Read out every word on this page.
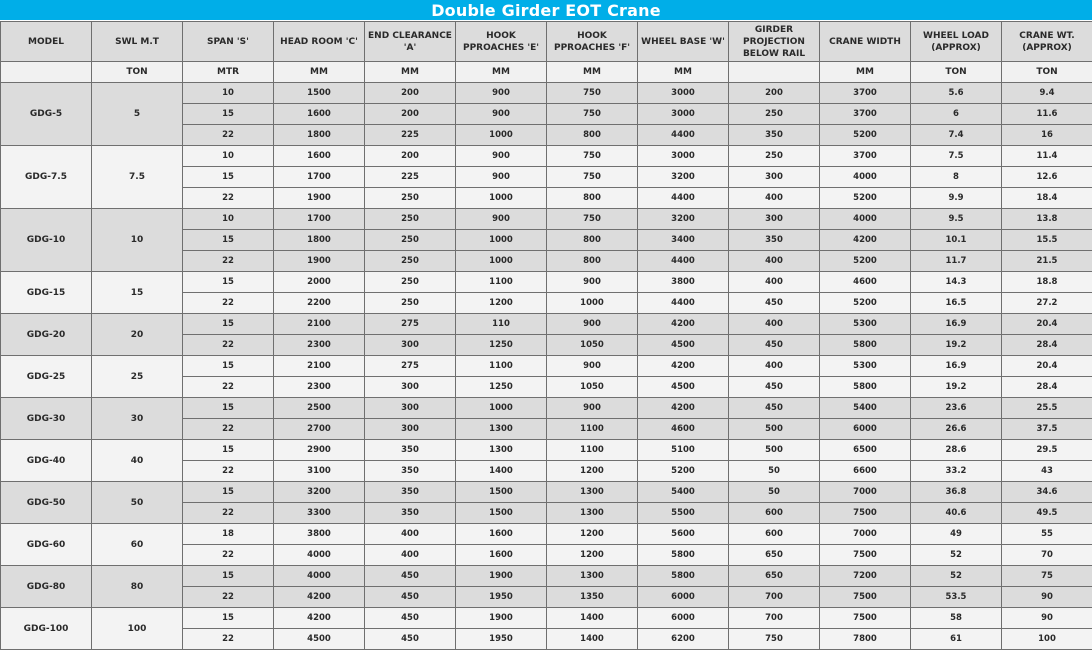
Double Girder EOT Crane
MODEL	SWL M.T	SPAN 'S'	HEAD ROOM 'C'	END CLEARANCE 'A'	HOOK PPROACHES 'E'	HOOK PPROACHES 'F'	WHEEL BASE 'W'	GIRDER PROJECTION BELOW RAIL	CRANE WIDTH	WHEEL LOAD (APPROX)	CRANE WT. (APPROX)
	TON	MTR	MM	MM	MM	MM	MM		MM	TON	TON
GDG-5	5	10	1500	200	900	750	3000	200	3700	5.6	9.4
		15	1600	200	900	750	3000	250	3700	6	11.6
		22	1800	225	1000	800	4400	350	5200	7.4	16
GDG-7.5	7.5	10	1600	200	900	750	3000	250	3700	7.5	11.4
		15	1700	225	900	750	3200	300	4000	8	12.6
		22	1900	250	1000	800	4400	400	5200	9.9	18.4
GDG-10	10	10	1700	250	900	750	3200	300	4000	9.5	13.8
		15	1800	250	1000	800	3400	350	4200	10.1	15.5
		22	1900	250	1000	800	4400	400	5200	11.7	21.5
GDG-15	15	15	2000	250	1100	900	3800	400	4600	14.3	18.8
		22	2200	250	1200	1000	4400	450	5200	16.5	27.2
GDG-20	20	15	2100	275	110	900	4200	400	5300	16.9	20.4
		22	2300	300	1250	1050	4500	450	5800	19.2	28.4
GDG-25	25	15	2100	275	1100	900	4200	400	5300	16.9	20.4
		22	2300	300	1250	1050	4500	450	5800	19.2	28.4
GDG-30	30	15	2500	300	1000	900	4200	450	5400	23.6	25.5
		22	2700	300	1300	1100	4600	500	6000	26.6	37.5
GDG-40	40	15	2900	350	1300	1100	5100	500	6500	28.6	29.5
		22	3100	350	1400	1200	5200	50	6600	33.2	43
GDG-50	50	15	3200	350	1500	1300	5400	50	7000	36.8	34.6
		22	3300	350	1500	1300	5500	600	7500	40.6	49.5
GDG-60	60	18	3800	400	1600	1200	5600	600	7000	49	55
		22	4000	400	1600	1200	5800	650	7500	52	70
GDG-80	80	15	4000	450	1900	1300	5800	650	7200	52	75
		22	4200	450	1950	1350	6000	700	7500	53.5	90
GDG-100	100	15	4200	450	1900	1400	6000	700	7500	58	90
		22	4500	450	1950	1400	6200	750	7800	61	100
